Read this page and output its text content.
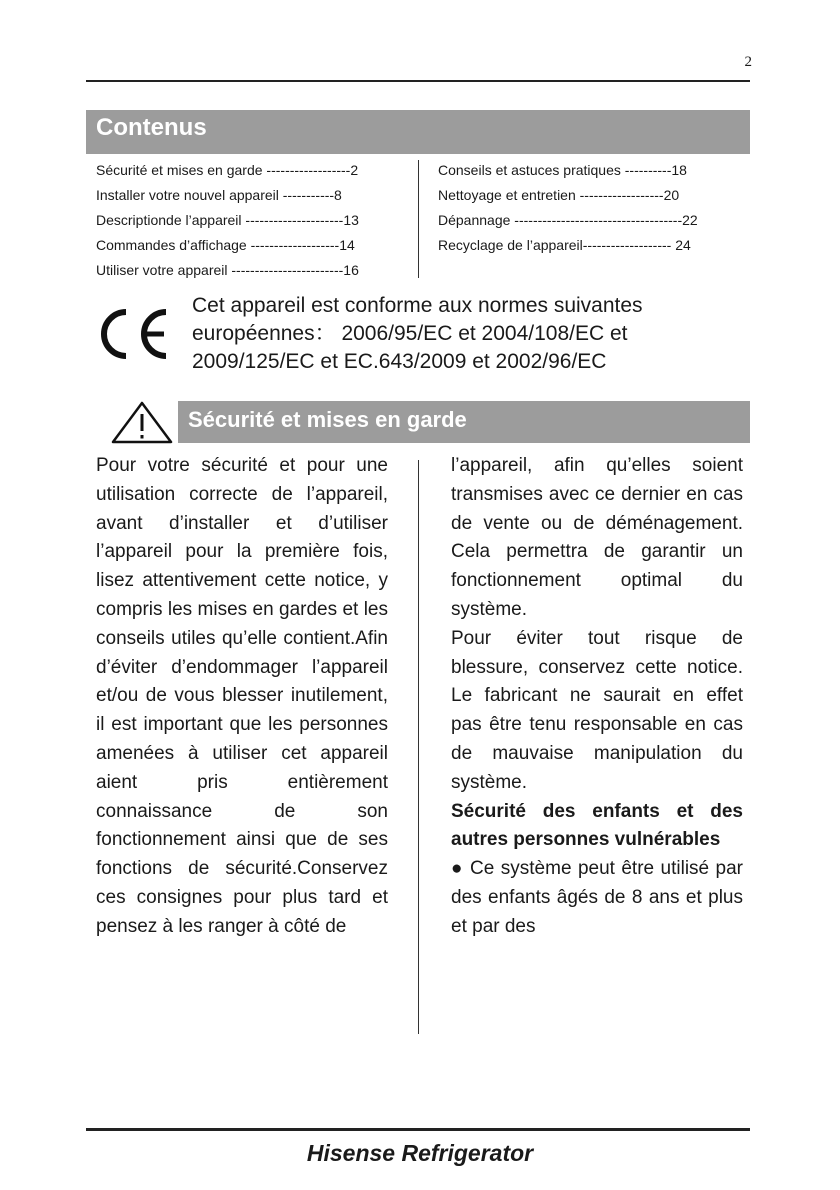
2
Contenus
Sécurité et mises en garde ------------------2
Installer votre nouvel appareil -----------8
Descriptionde l’appareil ---------------------13
Commandes d’affichage -------------------14
Utiliser votre appareil ------------------------16
Conseils et astuces pratiques ----------18
Nettoyage et entretien ------------------20
Dépannage ------------------------------------22
Recyclage de l’appareil------------------- 24
Cet appareil est conforme aux normes suivantes européennes： 2006/95/EC et 2004/108/EC et 2009/125/EC et EC.643/2009 et 2002/96/EC
Sécurité et mises en garde

Pour votre sécurité et pour une utilisation correcte de l’appareil, avant d’installer et d’utiliser l’appareil pour la première fois, lisez attentivement cette notice, y compris les mises en gardes et les conseils utiles qu’elle contient.Afin d’éviter d’endommager l’appareil et/ou de vous blesser inutilement, il est important que les personnes amenées à utiliser cet appareil aient pris entièrement connaissance de son fonctionnement ainsi que de ses fonctions de sécurité.Conservez ces consignes pour plus tard et pensez à les ranger à côté de

l’appareil, afin qu’elles soient transmises avec ce dernier en cas de vente ou de déménagement. Cela permettra de garantir un fonctionnement optimal du système.

Pour éviter tout risque de blessure, conservez cette notice. Le fabricant ne saurait en effet pas être tenu responsable en cas de mauvaise manipulation du système.

Sécurité des enfants et des autres personnes vulnérables

● Ce système peut être utilisé par des enfants âgés de 8 ans et plus et par des

Hisense Refrigerator
